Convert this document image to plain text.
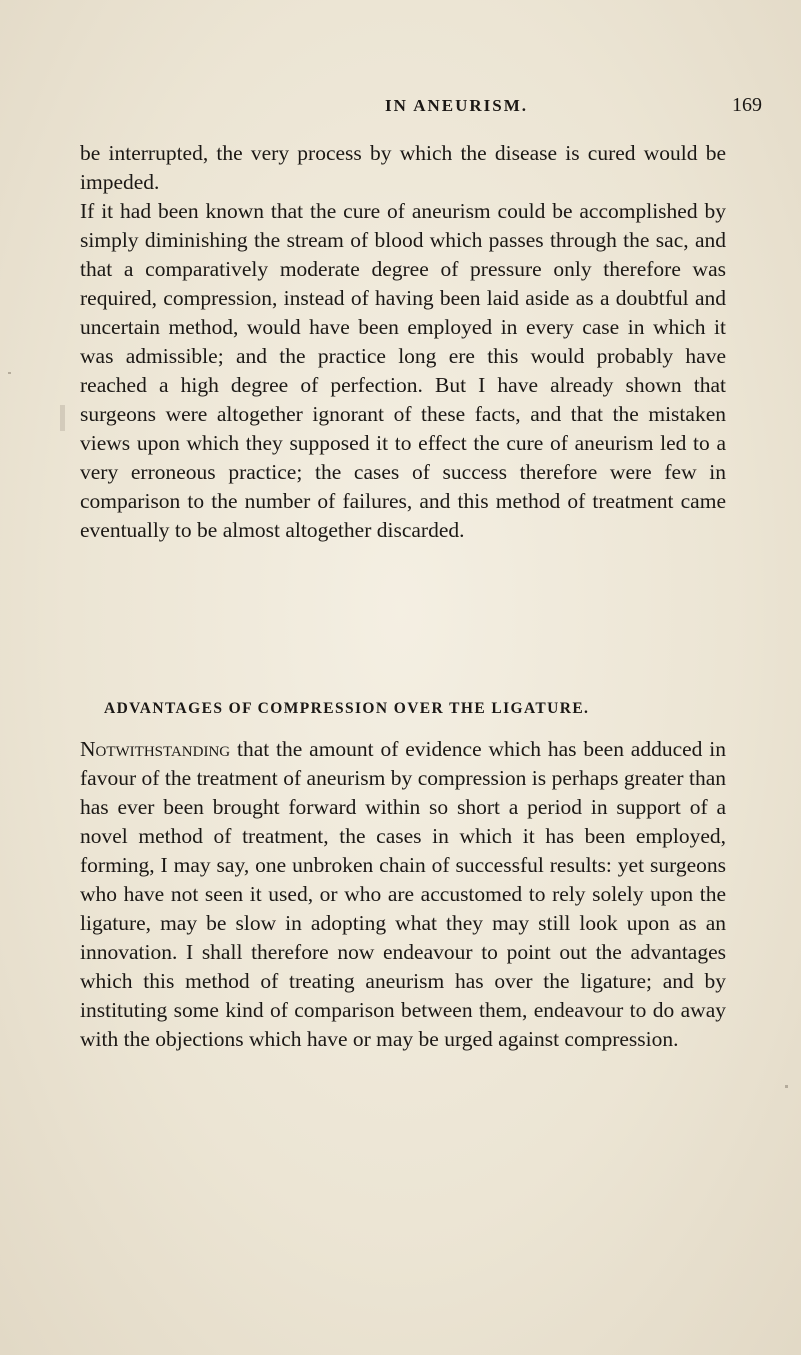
IN ANEURISM.	169

be interrupted, the very process by which the disease is cured would be impeded.

If it had been known that the cure of aneurism could be accomplished by simply diminishing the stream of blood which passes through the sac, and that a comparatively moderate degree of pressure only therefore was required, compression, instead of having been laid aside as a doubtful and uncertain method, would have been employed in every case in which it was admissible; and the practice long ere this would probably have reached a high degree of perfection. But I have already shown that surgeons were altogether ignorant of these facts, and that the mistaken views upon which they supposed it to effect the cure of aneurism led to a very erroneous practice; the cases of success therefore were few in comparison to the number of failures, and this method of treatment came eventually to be almost altogether discarded.

ADVANTAGES OF COMPRESSION OVER THE LIGATURE.

Notwithstanding that the amount of evidence which has been adduced in favour of the treatment of aneurism by compression is perhaps greater than has ever been brought forward within so short a period in support of a novel method of treatment, the cases in which it has been employed, forming, I may say, one unbroken chain of successful results: yet surgeons who have not seen it used, or who are accustomed to rely solely upon the ligature, may be slow in adopting what they may still look upon as an innovation. I shall therefore now endeavour to point out the advantages which this method of treating aneurism has over the ligature; and by instituting some kind of comparison between them, endeavour to do away with the objections which have or may be urged against compression.
